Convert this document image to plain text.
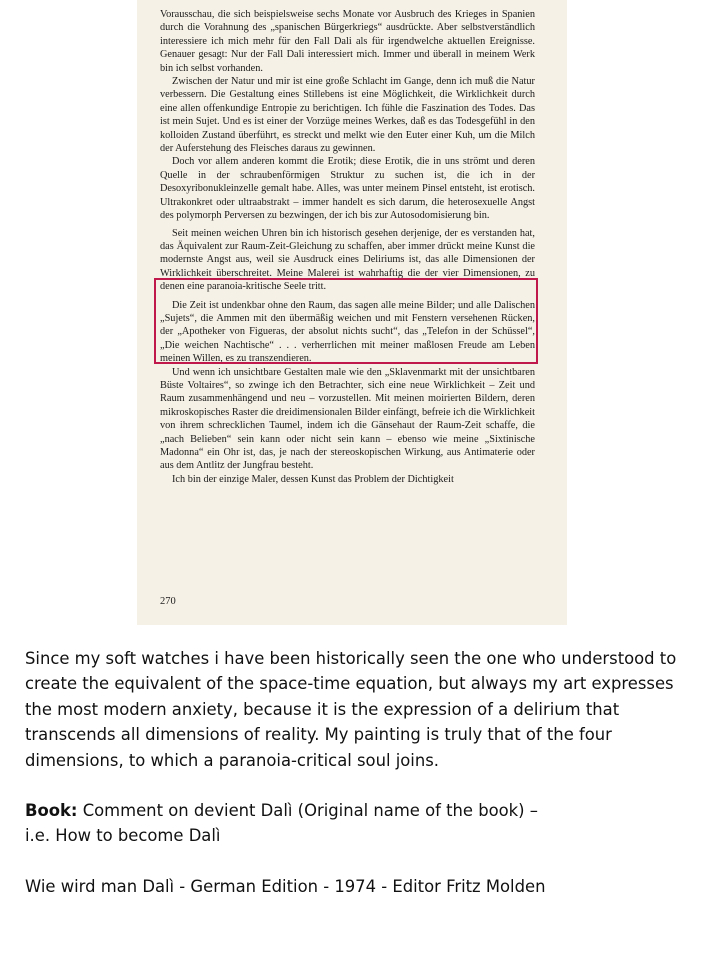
Vorausschau, die sich beispielsweise sechs Monate vor Ausbruch des Krieges in Spanien durch die Vorahnung des „spanischen Bürgerkriegs“ ausdrückte. Aber selbstverständlich interessiere ich mich mehr für den Fall Dali als für irgendwelche aktuellen Ereignisse. Genauer gesagt: Nur der Fall Dali interessiert mich. Immer und überall in meinem Werk bin ich selbst vorhanden.

Zwischen der Natur und mir ist eine große Schlacht im Gange, denn ich muß die Natur verbessern. Die Gestaltung eines Stillebens ist eine Möglichkeit, die Wirklichkeit durch eine allen offenkundige Entropie zu berichtigen. Ich fühle die Faszination des Todes. Das ist mein Sujet. Und es ist einer der Vorzüge meines Werkes, daß es das Todesgefühl in den kolloiden Zustand überführt, es streckt und melkt wie den Euter einer Kuh, um die Milch der Auferstehung des Fleisches daraus zu gewinnen.

Doch vor allem anderen kommt die Erotik; diese Erotik, die in uns strömt und deren Quelle in der schraubenförmigen Struktur zu suchen ist, die ich in der Desoxyribonukleinzelle gemalt habe. Alles, was unter meinem Pinsel entsteht, ist erotisch. Ultrakonkret oder ultraabstrakt – immer handelt es sich darum, die heterosexuelle Angst des polymorph Perversen zu bezwingen, der ich bis zur Autosodomisierung bin.

Seit meinen weichen Uhren bin ich historisch gesehen derjenige, der es verstanden hat, das Äquivalent zur Raum-Zeit-Gleichung zu schaffen, aber immer drückt meine Kunst die modernste Angst aus, weil sie Ausdruck eines Deliriums ist, das alle Dimensionen der Wirklichkeit überschreitet. Meine Malerei ist wahrhaftig die der vier Dimensionen, zu denen eine paranoia-kritische Seele tritt.

Die Zeit ist undenkbar ohne den Raum, das sagen alle meine Bilder; und alle Dalischen „Sujets“, die Ammen mit den übermäßig weichen und mit Fenstern versehenen Rücken, der „Apotheker von Figueras, der absolut nichts sucht“, das „Telefon in der Schüssel“, „Die weichen Nachtische“ . . . verherrlichen mit meiner maßlosen Freude am Leben meinen Willen, es zu transzendieren.

Und wenn ich unsichtbare Gestalten male wie den „Sklavenmarkt mit der unsichtbaren Büste Voltaires“, so zwinge ich den Betrachter, sich eine neue Wirklichkeit – Zeit und Raum zusammenhängend und neu – vorzustellen. Mit meinen moirierten Bildern, deren mikroskopisches Raster die dreidimensionalen Bilder einfängt, befreie ich die Wirklichkeit von ihrem schrecklichen Taumel, indem ich die Gänsehaut der Raum-Zeit schaffe, die „nach Belieben“ sein kann oder nicht sein kann – ebenso wie meine „Sixtinische Madonna“ ein Ohr ist, das, je nach der stereoskopischen Wirkung, aus Antimaterie oder aus dem Antlitz der Jungfrau besteht.

Ich bin der einzige Maler, dessen Kunst das Problem der Dichtigkeit

270

Since my soft watches i have been historically seen the one who understood to create the equivalent of the space-time equation, but always my art expresses the most modern anxiety, because it is the expression of a delirium that transcends all dimensions of reality. My painting is truly that of the four dimensions, to which a paranoia-critical soul joins.

Book: Comment on devient Dalì (Original name of the book) –

i.e. How to become Dalì

Wie wird man Dalì - German Edition - 1974 - Editor Fritz Molden
